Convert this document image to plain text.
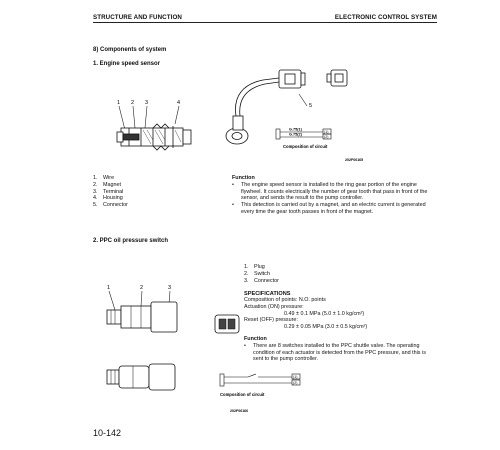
STRUCTURE AND FUNCTION	ELECTRONIC CONTROL SYSTEM
8) Components of system
1. Engine speed sensor
1 2 3	4	5
G.75(1)
G.75(2)
(1)
(2)
Composition of circuit
202F06165
1. Wire
2. Magnet
3. Terminal
4. Housing
5. Connector
Function
• The engine speed sensor is installed to the ring gear portion of the engine flywheel. It counts electrically the number of gear tooth that pass in front of the sensor, and sends the result to the pump controller.
• This detection is carried out by a magnet, and an electric current is generated every time the gear tooth passes in front of the magnet.
2. PPC oil pressure switch
1	2	3
1. Plug
2. Switch
3. Connector
SPECIFICATIONS
Composition of points: N.O. points
Actuation (ON) pressure:
0.49 ± 0.1 MPa (5.0 ± 1.0 kg/cm²)
Reset (OFF) pressure:
0.29 ± 0.05 MPa (3.0 ± 0.5 kg/cm²)
Function
• There are 8 switches installed to the PPC shuttle valve. The operating condition of each actuator is detected from the PPC pressure, and this is sent to the pump controller.
(1)
(2)
Composition of circuit
202F06166
10-142
